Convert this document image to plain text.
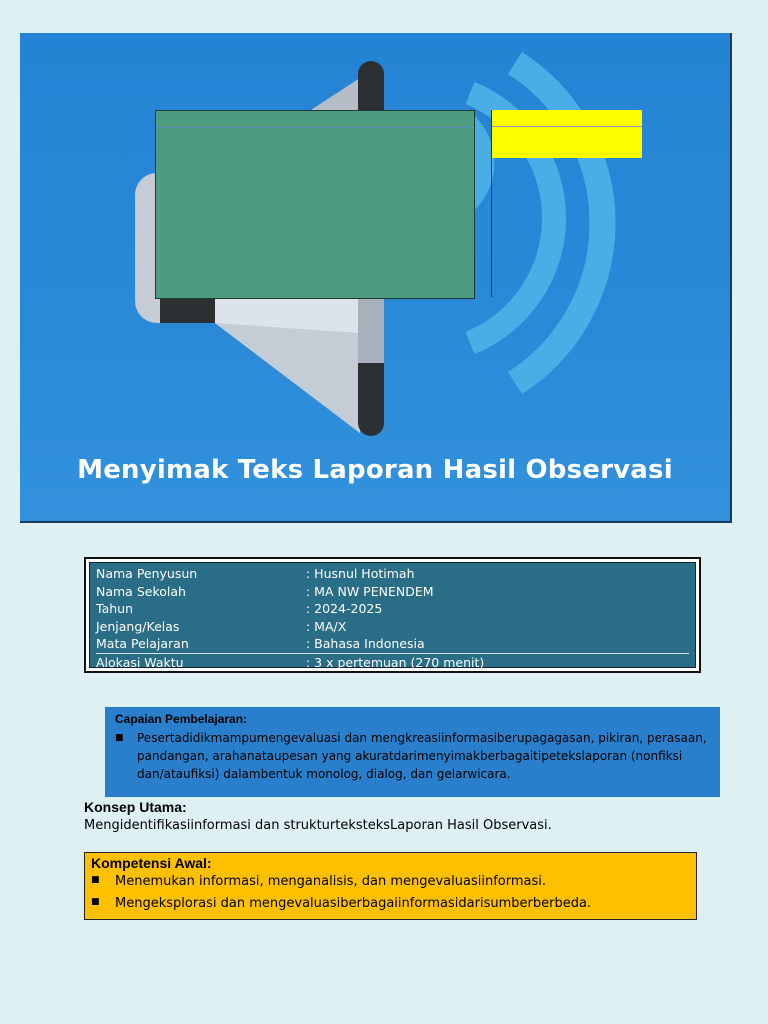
Menyimak Teks Laporan Hasil Observasi
Nama Penyusun	: Husnul Hotimah
Nama Sekolah	: MA NW PENENDEM
Tahun	: 2024-2025
Jenjang/Kelas	: MA/X
Mata Pelajaran	: Bahasa Indonesia
Alokasi Waktu	: 3 x pertemuan (270 menit)
Capaian Pembelajaran:
■	Pesertadidikmampumengevaluasi dan mengkreasiinformasiberupagagasan, pikiran, perasaan, pandangan, arahanataupesan yang akuratdarimenyimakberbagaitipetekslaporan (nonfiksi dan/ataufiksi) dalambentuk monolog, dialog, dan gelarwicara.
Konsep Utama:
Mengidentifikasiinformasi dan strukturteksteksLaporan Hasil Observasi.
Kompetensi Awal:
■	Menemukan informasi, menganalisis, dan mengevaluasiinformasi.
■	Mengeksplorasi dan mengevaluasiberbagaiinformasidarisumberberbeda.
